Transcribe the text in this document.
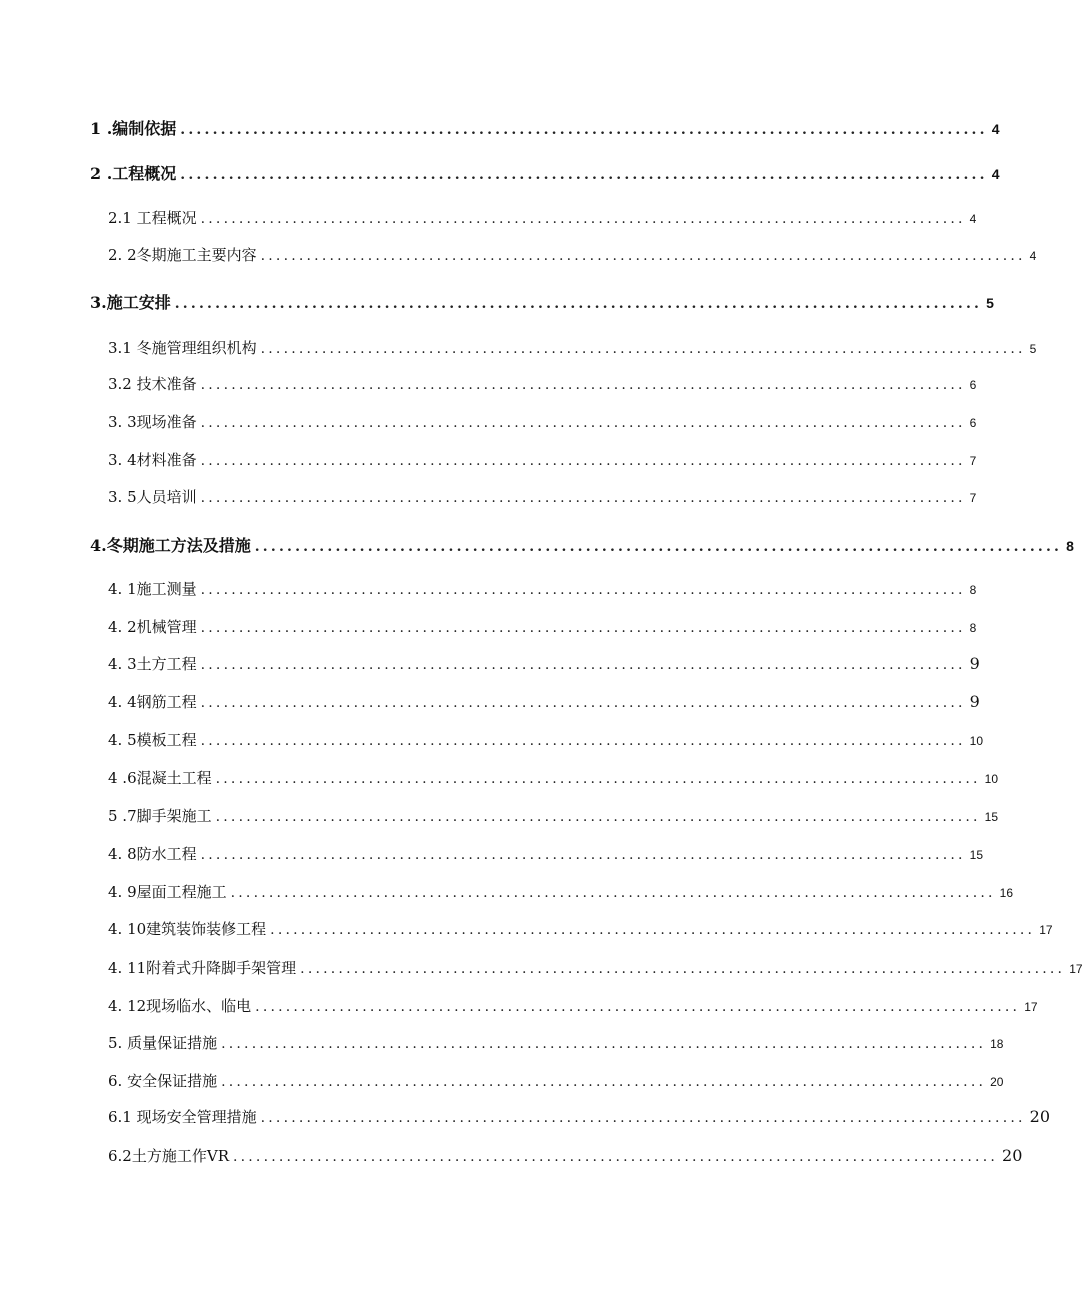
1 .编制依据 .................................................................................................... 4
2 .工程概况 .................................................................................................... 4
2.1 工程概况 .................................................................................................... 4
2. 2冬期施工主要内容 .................................................................................................... 4
3.施工安排 .................................................................................................... 5
3.1 冬施管理组织机构 .................................................................................................... 5
3.2 技术准备 .................................................................................................... 6
3. 3现场准备 .................................................................................................... 6
3. 4材料准备 .................................................................................................... 7
3. 5人员培训 .................................................................................................... 7
4.冬期施工方法及措施 .................................................................................................... 8
4. 1施工测量 .................................................................................................... 8
4. 2机械管理 .................................................................................................... 8
4. 3土方工程 .................................................................................................... 9
4. 4钢筋工程 .................................................................................................... 9
4. 5模板工程 .................................................................................................... 10
4 .6混凝土工程 .................................................................................................... 10
5 .7脚手架施工 .................................................................................................... 15
4. 8防水工程 .................................................................................................... 15
4. 9屋面工程施工 .................................................................................................... 16
4. 10建筑装饰装修工程 .................................................................................................... 17
4. 11附着式升降脚手架管理 .................................................................................................... 17
4. 12现场临水、临电 .................................................................................................... 17
5. 质量保证措施 .................................................................................................... 18
6. 安全保证措施 .................................................................................................... 20
6.1 现场安全管理措施 .................................................................................................... 20
6.2土方施工作VR .................................................................................................... 20
